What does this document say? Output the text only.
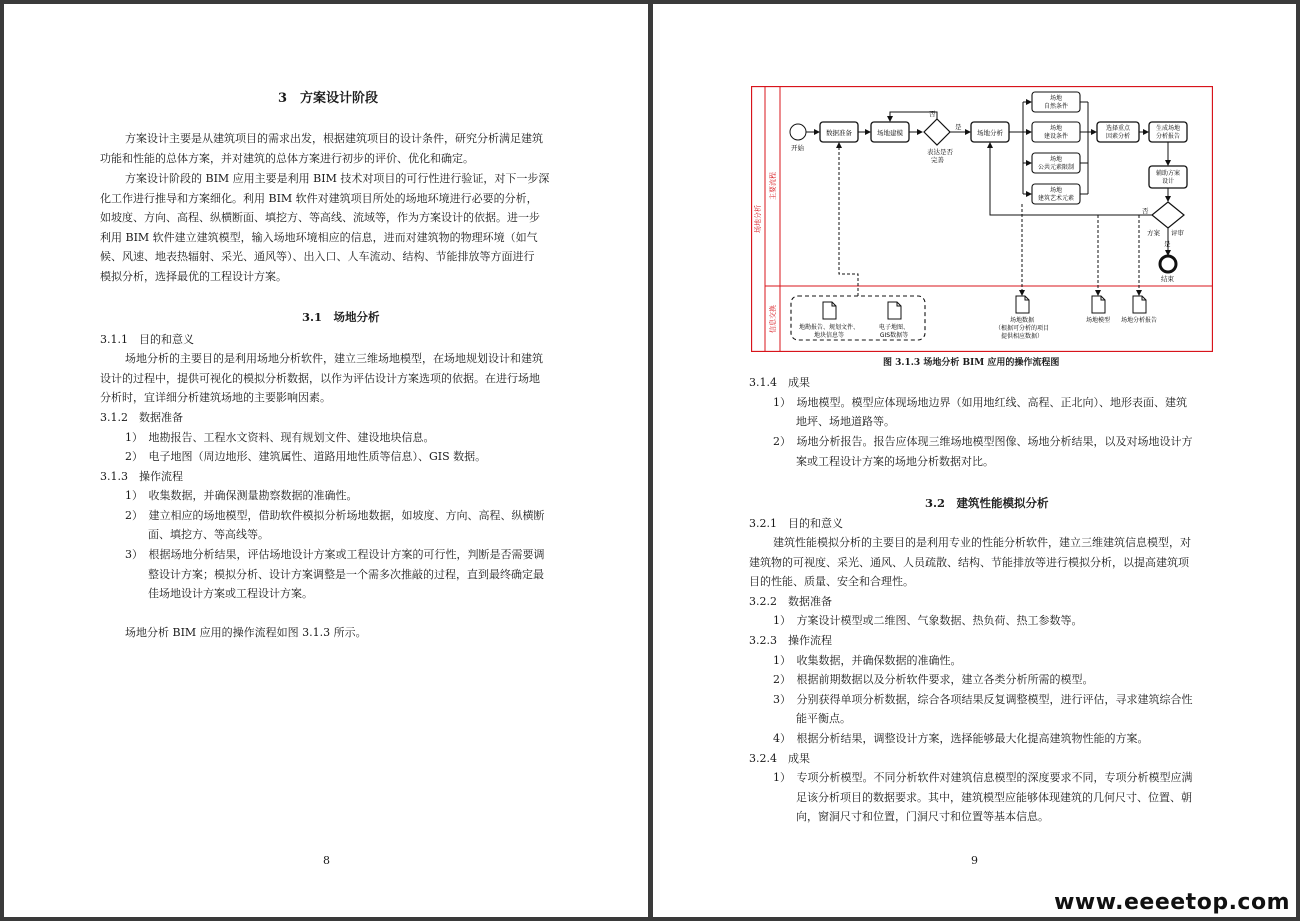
3　方案设计阶段
方案设计主要是从建筑项目的需求出发，根据建筑项目的设计条件，研究分析满足建筑
功能和性能的总体方案，并对建筑的总体方案进行初步的评价、优化和确定。
方案设计阶段的 BIM 应用主要是利用 BIM 技术对项目的可行性进行验证，对下一步深
化工作进行推导和方案细化。利用 BIM 软件对建筑项目所处的场地环境进行必要的分析，
如坡度、方向、高程、纵横断面、填挖方、等高线、流域等，作为方案设计的依据。进一步
利用 BIM 软件建立建筑模型，输入场地环境相应的信息，进而对建筑物的物理环境（如气
候、风速、地表热辐射、采光、通风等）、出入口、人车流动、结构、节能排放等方面进行
模拟分析，选择最优的工程设计方案。
3.1　场地分析
3.1.1　目的和意义
场地分析的主要目的是利用场地分析软件，建立三维场地模型，在场地规划设计和建筑
设计的过程中，提供可视化的模拟分析数据，以作为评估设计方案选项的依据。在进行场地
分析时，宜详细分析建筑场地的主要影响因素。
3.1.2　数据准备
1）　地勘报告、工程水文资料、现有规划文件、建设地块信息。
2）　电子地图（周边地形、建筑属性、道路用地性质等信息）、GIS 数据。
3.1.3　操作流程
1）　收集数据，并确保测量勘察数据的准确性。
2）　建立相应的场地模型，借助软件模拟分析场地数据，如坡度、方向、高程、纵横断
面、填挖方、等高线等。
3）　根据场地分析结果，评估场地设计方案或工程设计方案的可行性，判断是否需要调
整设计方案；模拟分析、设计方案调整是一个需多次推敲的过程，直到最终确定最
佳场地设计方案或工程设计方案。
场地分析 BIM 应用的操作流程如图 3.1.3 所示。
8
场地分析
主要流程
信息交换
开始
数据准备	场地建模
表达是否
完善
否
是
场地分析
场地
自然条件
场地
建设条件
场地
公共元素限制
场地
建筑艺术元素
选择重点
因素分析
生成场地
分析报告
辅助方案
设计
否
方案 评审
是
结束
地勘报告、规划文件、
地块信息等
电子地图、
GIS数据等
场地数据
（根据可分析的项目
提供相应数据）
场地模型 场地分析报告
图 3.1.3 场地分析 BIM 应用的操作流程图
3.1.4　成果
1）　场地模型。模型应体现场地边界（如用地红线、高程、正北向）、地形表面、建筑
地坪、场地道路等。
2）　场地分析报告。报告应体现三维场地模型图像、场地分析结果，以及对场地设计方
案或工程设计方案的场地分析数据对比。
3.2　建筑性能模拟分析
3.2.1　目的和意义
建筑性能模拟分析的主要目的是利用专业的性能分析软件，建立三维建筑信息模型，对
建筑物的可视度、采光、通风、人员疏散、结构、节能排放等进行模拟分析，以提高建筑项
目的性能、质量、安全和合理性。
3.2.2　数据准备
1）　方案设计模型或二维图、气象数据、热负荷、热工参数等。
3.2.3　操作流程
1）　收集数据，并确保数据的准确性。
2）　根据前期数据以及分析软件要求，建立各类分析所需的模型。
3）　分别获得单项分析数据，综合各项结果反复调整模型，进行评估，寻求建筑综合性
能平衡点。
4）　根据分析结果，调整设计方案，选择能够最大化提高建筑物性能的方案。
3.2.4　成果
1）　专项分析模型。不同分析软件对建筑信息模型的深度要求不同，专项分析模型应满
足该分析项目的数据要求。其中，建筑模型应能够体现建筑的几何尺寸、位置、朝
向，窗洞尺寸和位置，门洞尺寸和位置等基本信息。
9
www.eeeetop.com
